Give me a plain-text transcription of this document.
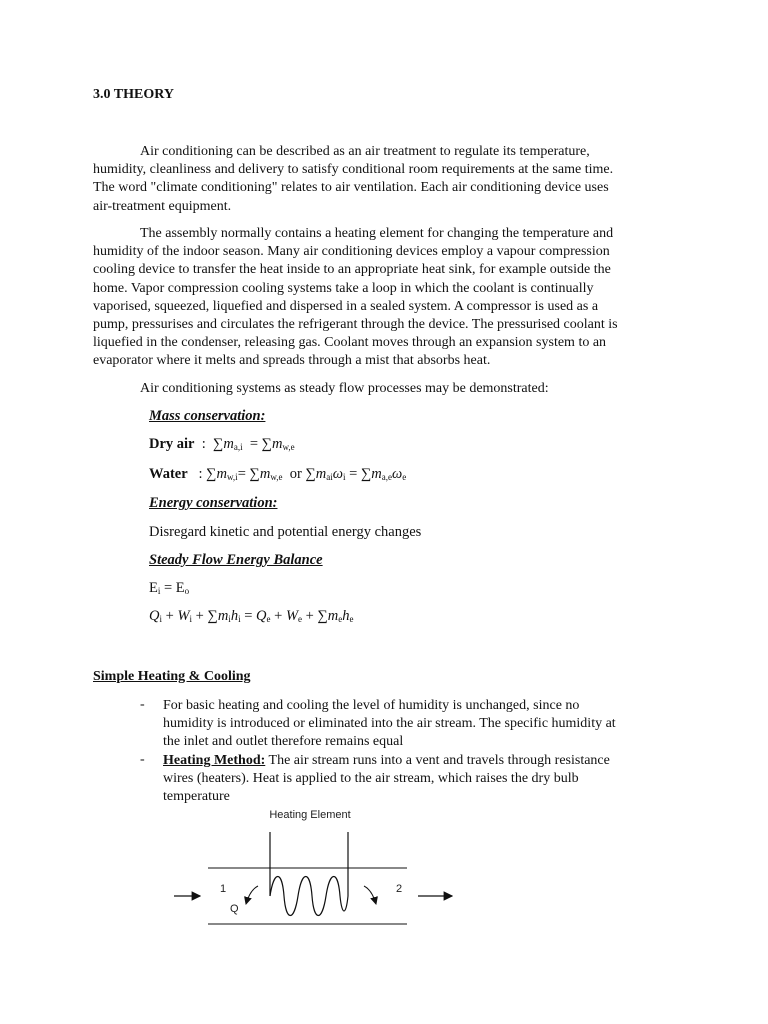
3.0 THEORY
Air conditioning can be described as an air treatment to regulate its temperature,
humidity, cleanliness and delivery to satisfy conditional room requirements at the same time.
The word "climate conditioning" relates to air ventilation. Each air conditioning device uses
air-treatment equipment.
The assembly normally contains a heating element for changing the temperature and
humidity of the indoor season. Many air conditioning devices employ a vapour compression
cooling device to transfer the heat inside to an appropriate heat sink, for example outside the
home. Vapor compression cooling systems take a loop in which the coolant is continually
vaporised, squeezed, liquefied and dispersed in a sealed system. A compressor is used as a
pump, pressurises and circulates the refrigerant through the device. The pressurised coolant is
liquefied in the condenser, releasing gas. Coolant moves through an expansion system to an
evaporator where it melts and spreads through a mist that absorbs heat.
Air conditioning systems as steady flow processes may be demonstrated:
Mass conservation:
Dry air  :  $\sum m_{a,i} = \sum m_{w,e}$
Water   : $\sum m_{w,i}= \sum m_{w,e}$  or $\sum m_{ai}\omega_i = \sum m_{a,e}\omega_e$
Energy conservation:
Disregard kinetic and potential energy changes
Steady Flow Energy Balance
$E_i = E_o$
$Q_i + W_i + \sum m_ih_i = Q_e + W_e + \sum m_eh_e$
Simple Heating & Cooling
- For basic heating and cooling the level of humidity is unchanged, since no
humidity is introduced or eliminated into the air stream. The specific humidity at
the inlet and outlet therefore remains equal
- Heating Method: The air stream runs into a vent and travels through resistance
wires (heaters). Heat is applied to the air stream, which raises the dry bulb
temperature
Heating Element
1	2
Q
